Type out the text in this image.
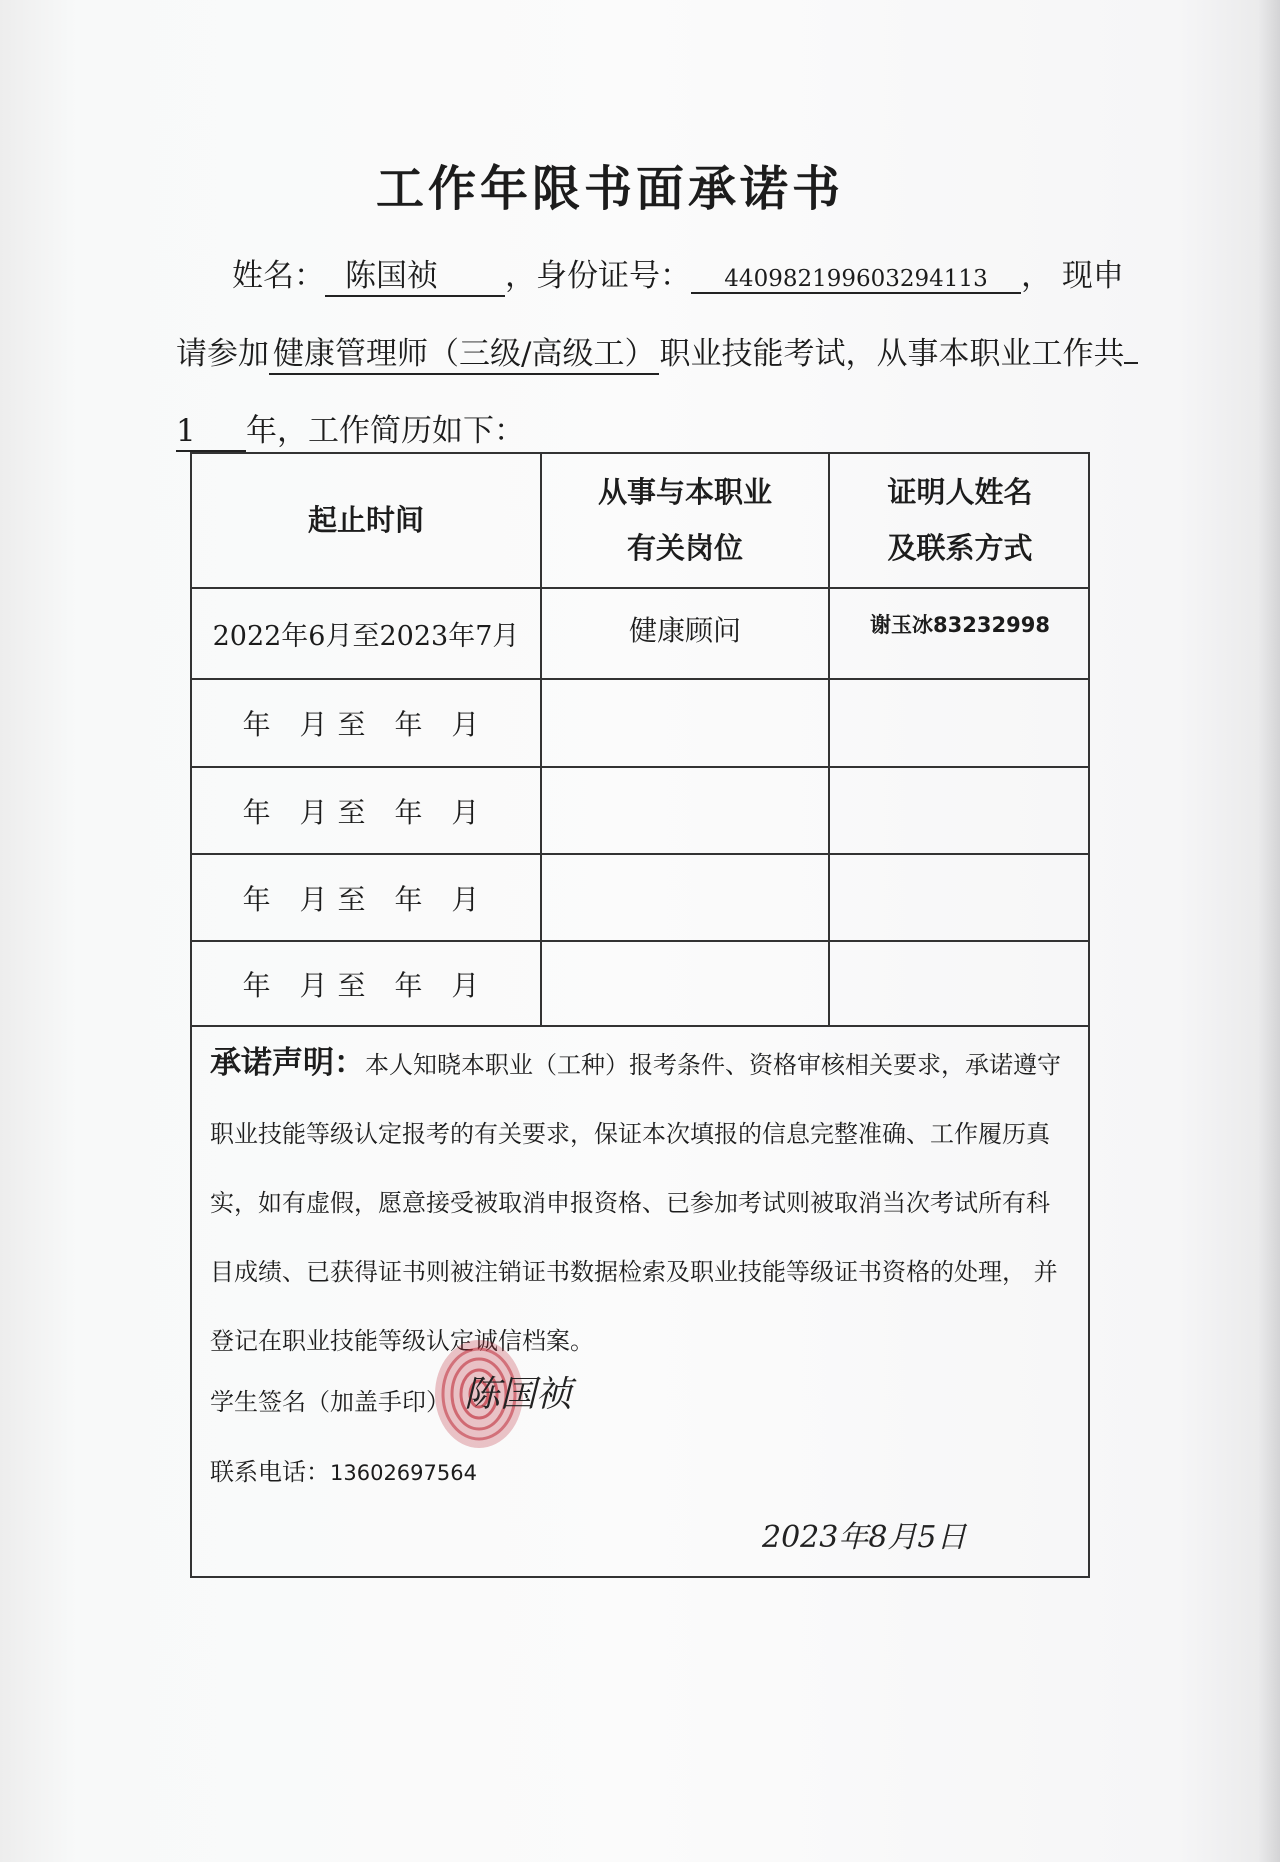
工作年限书面承诺书
姓名： 陈国祯 ，身份证号： 440982199603294113 ， 现申
请参加 健康管理师（三级/高级工） 职业技能考试，从事本职业工作共
1 年，工作简历如下：
起止时间
从事与本职业
有关岗位
证明人姓名
及联系方式
2022年6月至2023年7月	健康顾问	谢玉冰83232998
年 月至 年 月
年 月至 年 月
年 月至 年 月
年 月至 年 月
承诺声明：本人知晓本职业（工种）报考条件、资格审核相关要求，承诺遵守职业技能等级认定报考的有关要求，保证本次填报的信息完整准确、工作履历真实，如有虚假，愿意接受被取消申报资格、已参加考试则被取消当次考试所有科目成绩、已获得证书则被注销证书数据检索及职业技能等级证书资格的处理， 并登记在职业技能等级认定诚信档案。
学生签名（加盖手印） 陈国祯
联系电话：13602697564
2023年8月5日
